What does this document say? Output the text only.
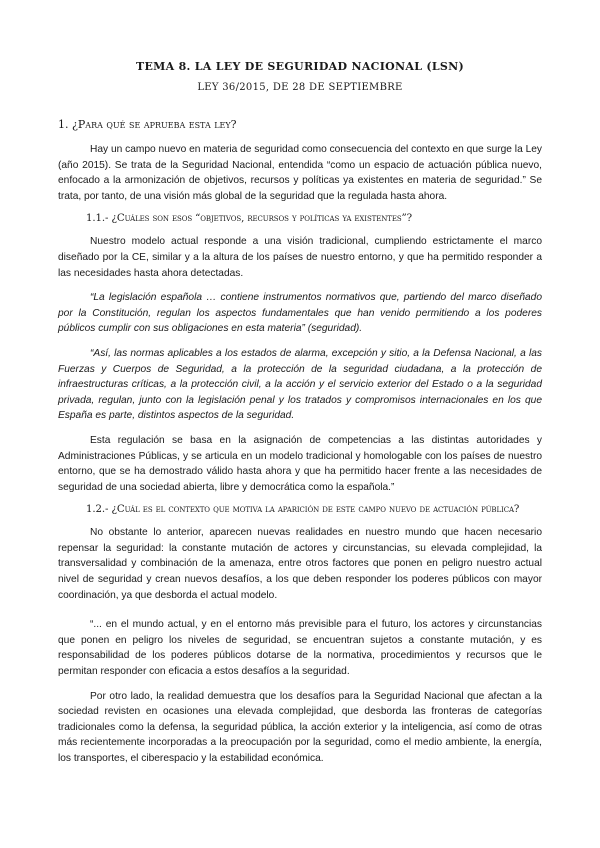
TEMA 8. LA LEY DE SEGURIDAD NACIONAL (LSN)
LEY 36/2015, DE 28 DE SEPTIEMBRE
1. ¿Para qué se aprueba esta ley?

Hay un campo nuevo en materia de seguridad como consecuencia del contexto en que surge la Ley (año 2015). Se trata de la Seguridad Nacional, entendida “como un espacio de actuación pública nuevo, enfocado a la armonización de objetivos, recursos y políticas ya existentes en materia de seguridad.” Se trata, por tanto, de una visión más global de la seguridad que la regulada hasta ahora.

1.1.- ¿Cuáles son esos “objetivos, recursos y políticas ya existentes”?

Nuestro modelo actual responde a una visión tradicional, cumpliendo estrictamente el marco diseñado por la CE, similar y a la altura de los países de nuestro entorno, y que ha permitido responder a las necesidades hasta ahora detectadas.

“La legislación española … contiene instrumentos normativos que, partiendo del marco diseñado por la Constitución, regulan los aspectos fundamentales que han venido permitiendo a los poderes públicos cumplir con sus obligaciones en esta materia” (seguridad).

“Así, las normas aplicables a los estados de alarma, excepción y sitio, a la Defensa Nacional, a las Fuerzas y Cuerpos de Seguridad, a la protección de la seguridad ciudadana, a la protección de infraestructuras críticas, a la protección civil, a la acción y el servicio exterior del Estado o a la seguridad privada, regulan, junto con la legislación penal y los tratados y compromisos internacionales en los que España es parte, distintos aspectos de la seguridad.

Esta regulación se basa en la asignación de competencias a las distintas autoridades y Administraciones Públicas, y se articula en un modelo tradicional y homologable con los países de nuestro entorno, que se ha demostrado válido hasta ahora y que ha permitido hacer frente a las necesidades de seguridad de una sociedad abierta, libre y democrática como la española.”

1.2.- ¿Cuál es el contexto que motiva la aparición de este campo nuevo de actuación pública?

No obstante lo anterior, aparecen nuevas realidades en nuestro mundo que hacen necesario repensar la seguridad: la constante mutación de actores y circunstancias, su elevada complejidad, la transversalidad y combinación de la amenaza, entre otros factores que ponen en peligro nuestro actual nivel de seguridad y crean nuevos desafíos, a los que deben responder los poderes públicos con mayor coordinación, ya que desborda el actual modelo.

“... en el mundo actual, y en el entorno más previsible para el futuro, los actores y circunstancias que ponen en peligro los niveles de seguridad, se encuentran sujetos a constante mutación, y es responsabilidad de los poderes públicos dotarse de la normativa, procedimientos y recursos que le permitan responder con eficacia a estos desafíos a la seguridad.

Por otro lado, la realidad demuestra que los desafíos para la Seguridad Nacional que afectan a la sociedad revisten en ocasiones una elevada complejidad, que desborda las fronteras de categorías tradicionales como la defensa, la seguridad pública, la acción exterior y la inteligencia, así como de otras más recientemente incorporadas a la preocupación por la seguridad, como el medio ambiente, la energía, los transportes, el ciberespacio y la estabilidad económica.
